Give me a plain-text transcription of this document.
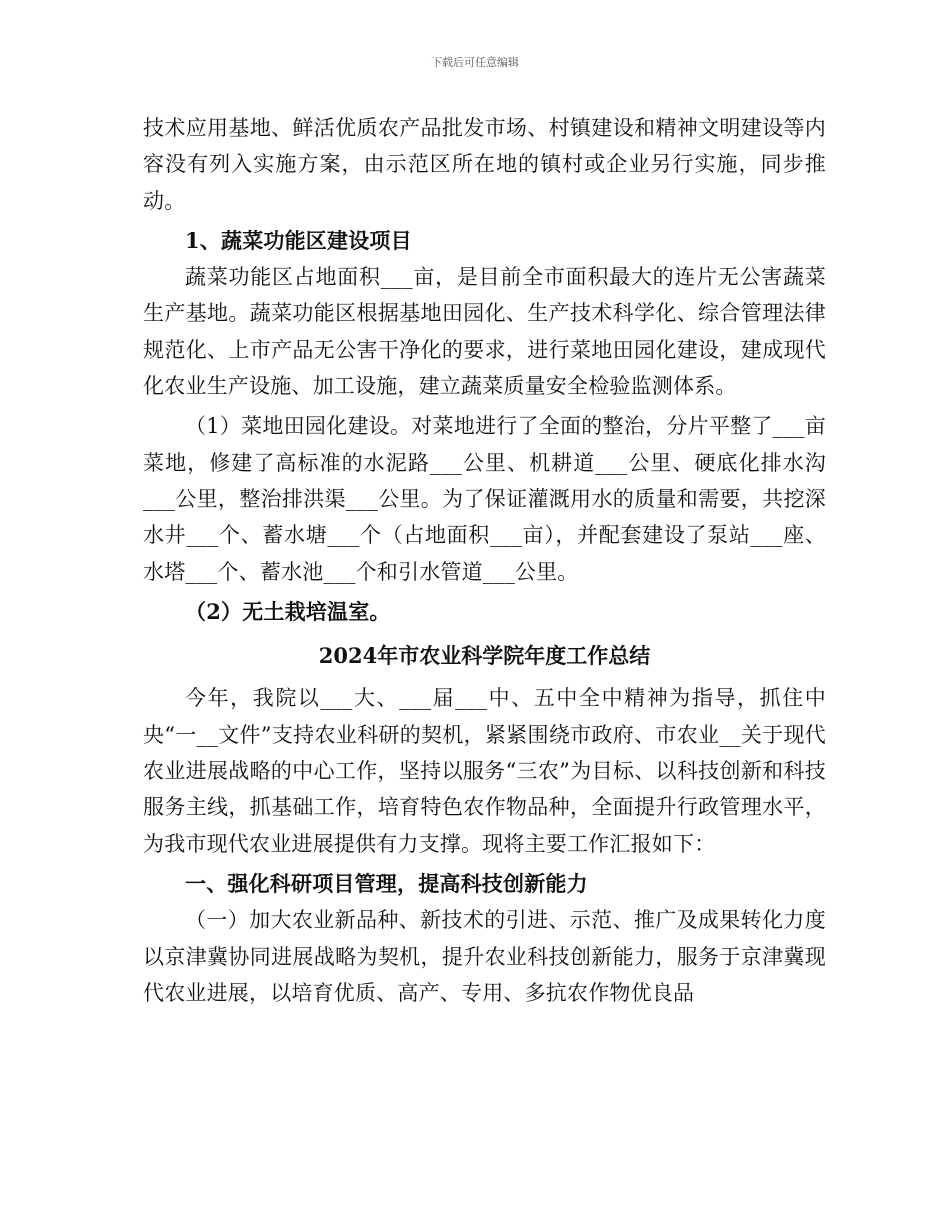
下载后可任意编辑

技术应用基地、鲜活优质农产品批发市场、村镇建设和精神文明建设等内容没有列入实施方案，由示范区所在地的镇村或企业另行实施，同步推动。

1、蔬菜功能区建设项目

蔬菜功能区占地面积___亩，是目前全市面积最大的连片无公害蔬菜生产基地。蔬菜功能区根据基地田园化、生产技术科学化、综合管理法律规范化、上市产品无公害干净化的要求，进行菜地田园化建设，建成现代化农业生产设施、加工设施，建立蔬菜质量安全检验监测体系。

（1）菜地田园化建设。对菜地进行了全面的整治，分片平整了___亩菜地，修建了高标准的水泥路___公里、机耕道___公里、硬底化排水沟___公里，整治排洪渠___公里。为了保证灌溉用水的质量和需要，共挖深水井___个、蓄水塘___个（占地面积___亩），并配套建设了泵站___座、水塔___个、蓄水池___个和引水管道___公里。

（2）无土栽培温室。

2024年市农业科学院年度工作总结

今年，我院以___大、___届___中、五中全中精神为指导，抓住中央“一__文件”支持农业科研的契机，紧紧围绕市政府、市农业__关于现代农业进展战略的中心工作，坚持以服务“三农”为目标、以科技创新和科技服务主线，抓基础工作，培育特色农作物品种，全面提升行政管理水平，为我市现代农业进展提供有力支撑。现将主要工作汇报如下：

一、强化科研项目管理，提高科技创新能力

（一）加大农业新品种、新技术的引进、示范、推广及成果转化力度以京津冀协同进展战略为契机，提升农业科技创新能力，服务于京津冀现代农业进展，以培育优质、高产、专用、多抗农作物优良品
